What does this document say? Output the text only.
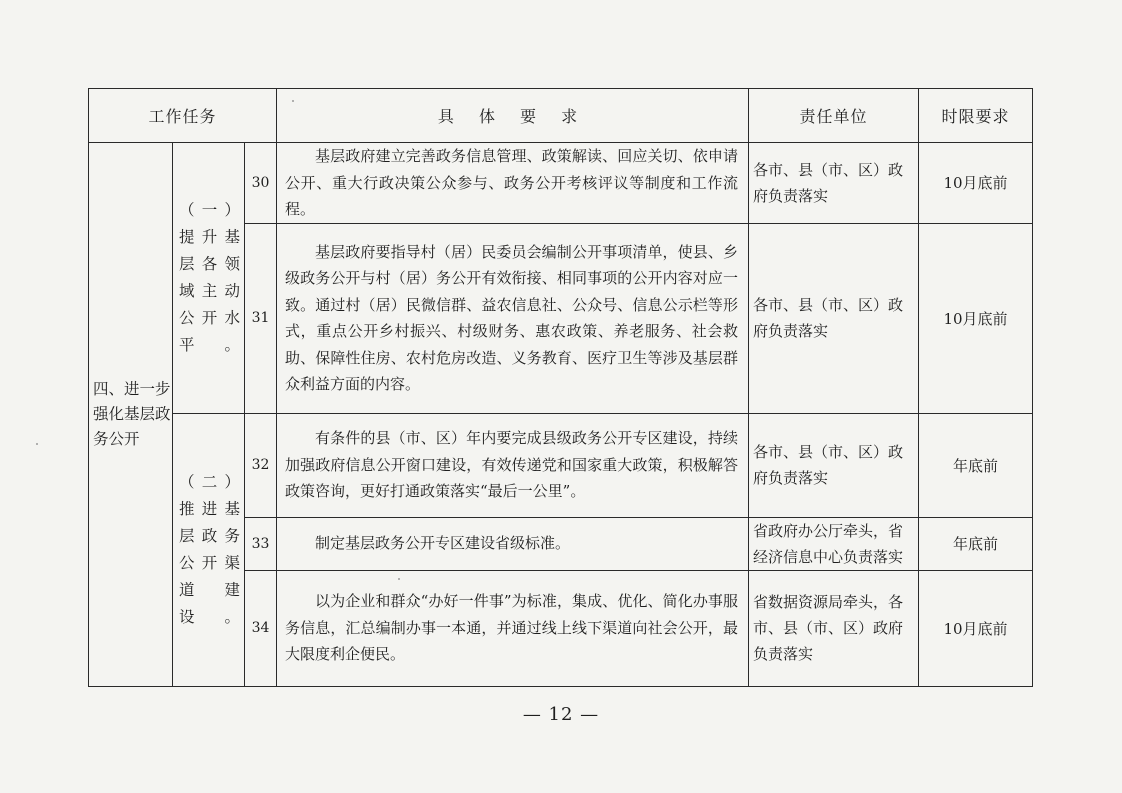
工作任务			具 体 要 求	责任单位	时限要求
四、进一步强化基层政务公开	（一）提升基层各领域主动公开水平。	30	基层政府建立完善政务信息管理、政策解读、回应关切、依申请公开、重大行政决策公众参与、政务公开考核评议等制度和工作流程。	各市、县（市、区）政府负责落实	10月底前
		31	基层政府要指导村（居）民委员会编制公开事项清单，使县、乡级政务公开与村（居）务公开有效衔接、相同事项的公开内容对应一致。通过村（居）民微信群、益农信息社、公众号、信息公示栏等形式，重点公开乡村振兴、村级财务、惠农政策、养老服务、社会救助、保障性住房、农村危房改造、义务教育、医疗卫生等涉及基层群众利益方面的内容。	各市、县（市、区）政府负责落实	10月底前
	（二）推进基层政务公开渠道建设。	32	有条件的县（市、区）年内要完成县级政务公开专区建设，持续加强政府信息公开窗口建设，有效传递党和国家重大政策，积极解答政策咨询，更好打通政策落实“最后一公里”。	各市、县（市、区）政府负责落实	年底前
		33	制定基层政务公开专区建设省级标准。	省政府办公厅牵头，省经济信息中心负责落实	年底前
		34	以为企业和群众“办好一件事”为标准，集成、优化、简化办事服务信息，汇总编制办事一本通，并通过线上线下渠道向社会公开，最大限度利企便民。	省数据资源局牵头，各市、县（市、区）政府负责落实	10月底前
— 12 —
